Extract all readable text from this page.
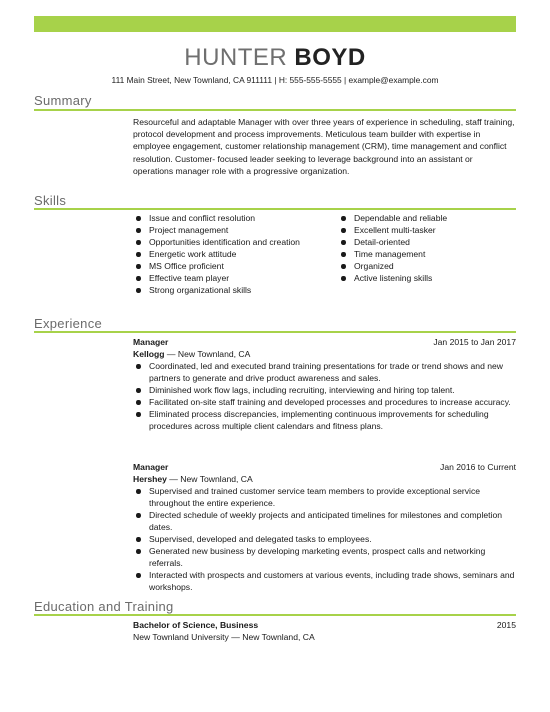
HUNTER BOYD
111 Main Street, New Townland, CA 911111 | H: 555-555-5555 | example@example.com
Summary
Resourceful and adaptable Manager with over three years of experience in scheduling, staff training, protocol development and process improvements. Meticulous team builder with expertise in employee engagement, customer relationship management (CRM), time management and conflict resolution. Customer- focused leader seeking to leverage background into an assistant or operations manager role with a progressive organization.
Skills
Issue and conflict resolution
Project management
Opportunities identification and creation
Energetic work attitude
MS Office proficient
Effective team player
Strong organizational skills
Dependable and reliable
Excellent multi-tasker
Detail-oriented
Time management
Organized
Active listening skills
Experience
Manager	Jan 2015 to Jan 2017
Kellogg — New Townland, CA
Coordinated, led and executed brand training presentations for trade or trend shows and new partners to generate and drive product awareness and sales.
Diminished work flow lags, including recruiting, interviewing and hiring top talent.
Facilitated on-site staff training and developed processes and procedures to increase accuracy.
Eliminated process discrepancies, implementing continuous improvements for scheduling procedures across multiple client calendars and fitness plans.
Manager	Jan 2016 to Current
Hershey — New Townland, CA
Supervised and trained customer service team members to provide exceptional service throughout the entire experience.
Directed schedule of weekly projects and anticipated timelines for milestones and completion dates.
Supervised, developed and delegated tasks to employees.
Generated new business by developing marketing events, prospect calls and networking referrals.
Interacted with prospects and customers at various events, including trade shows, seminars and workshops.
Education and Training
Bachelor of Science, Business	2015
New Townland University — New Townland, CA
